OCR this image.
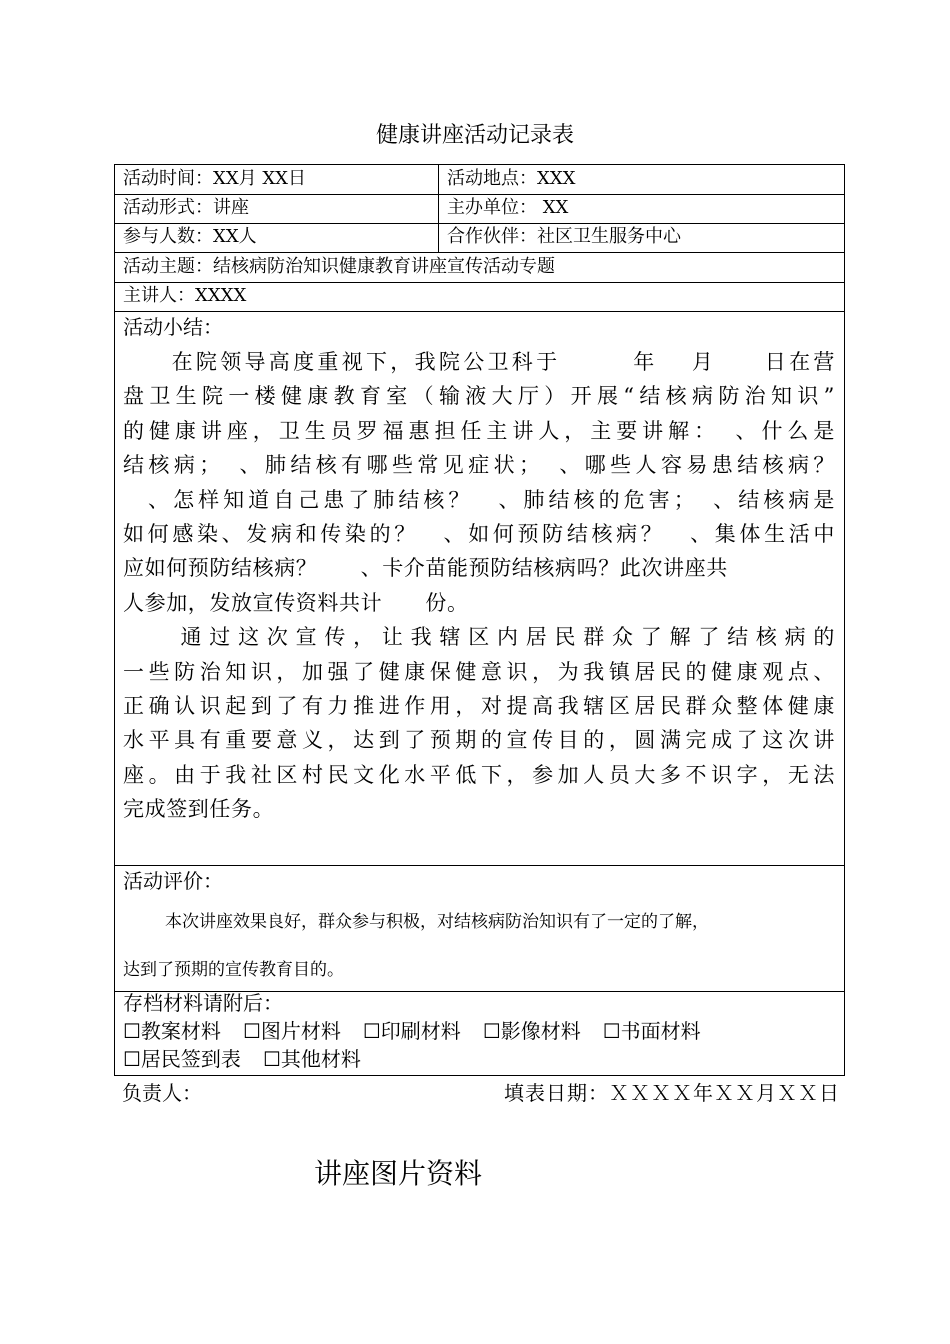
健康讲座活动记录表
活动时间：XX月 XX日	活动地点：XXX
活动形式：讲座	主办单位： XX
参与人数：XX人	合作伙伴：社区卫生服务中心
活动主题：结核病防治知识健康教育讲座宣传活动专题
主讲人：XXXX
活动小结：
　　在院领导高度重视下，我院公卫科于　　　年　 月　　日在营
盘卫生院一楼健康教育室（输液大厅）开展“结核病防治知识”
的健康讲座，卫生员罗福惠担任主讲人，主要讲解：　、什么是
结核病；　、肺结核有哪些常见症状；　、哪些人容易患结核病？
　、怎样知道自己患了肺结核？　、肺结核的危害；　、结核病是
如何感染、发病和传染的？　、如何预防结核病？　、集体生活中
应如何预防结核病？　　、卡介苗能预防结核病吗？此次讲座共
人参加，发放宣传资料共计　　份。
　　通过这次宣传，让我辖区内居民群众了解了结核病的
一些防治知识，加强了健康保健意识，为我镇居民的健康观点、
正确认识起到了有力推进作用，对提高我辖区居民群众整体健康
水平具有重要意义，达到了预期的宣传目的，圆满完成了这次讲
座。由于我社区村民文化水平低下，参加人员大多不识字，无法
完成签到任务。
活动评价：
本次讲座效果良好，群众参与积极，对结核病防治知识有了一定的了解，
达到了预期的宣传教育目的。
存档材料请附后：
☐教案材料 ☐图片材料 ☐印刷材料 ☐影像材料 ☐书面材料
☐居民签到表 ☐其他材料
负责人：	填表日期：ＸＸＸＸ年ＸＸ月ＸＸ日
讲座图片资料
